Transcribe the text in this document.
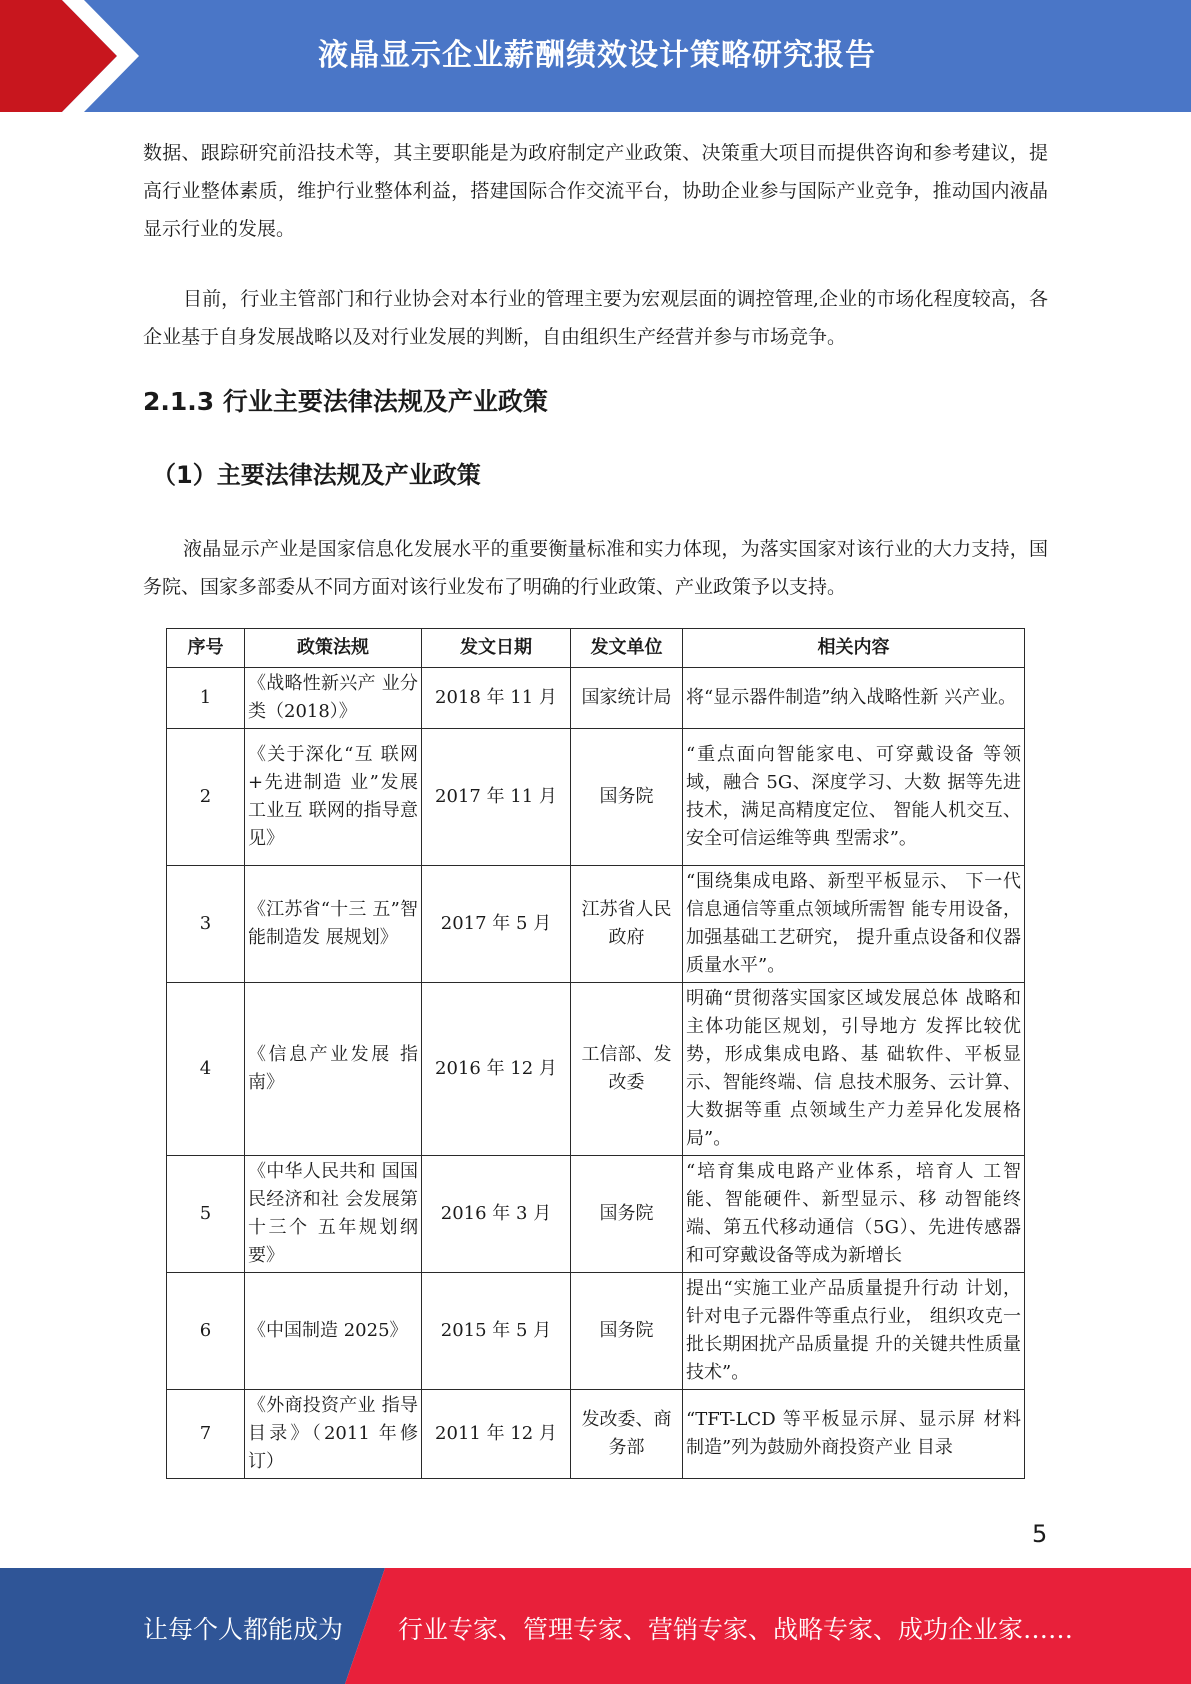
液晶显示企业薪酬绩效设计策略研究报告
数据、跟踪研究前沿技术等，其主要职能是为政府制定产业政策、决策重大项目而提供咨询和参考建议，提高行业整体素质，维护行业整体利益，搭建国际合作交流平台，协助企业参与国际产业竞争，推动国内液晶显示行业的发展。
目前，行业主管部门和行业协会对本行业的管理主要为宏观层面的调控管理,企业的市场化程度较高，各企业基于自身发展战略以及对行业发展的判断，自由组织生产经营并参与市场竞争。
2.1.3 行业主要法律法规及产业政策
（1）主要法律法规及产业政策
液晶显示产业是国家信息化发展水平的重要衡量标准和实力体现，为落实国家对该行业的大力支持，国务院、国家多部委从不同方面对该行业发布了明确的行业政策、产业政策予以支持。
序号	政策法规	发文日期	发文单位	相关内容
1	《战略性新兴产 业分类（2018）》	2018 年 11 月	国家统计局	将“显示器件制造”纳入战略性新 兴产业。
2	《关于深化“互 联网+先进制造 业”发展工业互 联网的指导意 见》	2017 年 11 月	国务院	“重点面向智能家电、可穿戴设备 等领域，融合 5G、深度学习、大数 据等先进技术，满足高精度定位、 智能人机交互、安全可信运维等典 型需求”。
3	《江苏省“十三 五”智能制造发 展规划》	2017 年 5 月	江苏省人民政府	“围绕集成电路、新型平板显示、 下一代信息通信等重点领域所需智 能专用设备，加强基础工艺研究， 提升重点设备和仪器质量水平”。
4	《信息产业发展 指南》	2016 年 12 月	工信部、发改委	明确“贯彻落实国家区域发展总体 战略和主体功能区规划，引导地方 发挥比较优势，形成集成电路、基 础软件、平板显示、智能终端、信 息技术服务、云计算、大数据等重 点领域生产力差异化发展格局”。
5	《中华人民共和 国国民经济和社 会发展第十三个 五年规划纲要》	2016 年 3 月	国务院	“培育集成电路产业体系，培育人 工智能、智能硬件、新型显示、移 动智能终端、第五代移动通信（5G）、先进传感器和可穿戴设备等成为新增长
6	《中国制造 2025》	2015 年 5 月	国务院	提出“实施工业产品质量提升行动 计划，针对电子元器件等重点行业， 组织攻克一批长期困扰产品质量提 升的关键共性质量技术”。
7	《外商投资产业 指导目录》（2011 年修订）	2011 年 12 月	发改委、商务部	“TFT-LCD 等平板显示屏、显示屏 材料制造”列为鼓励外商投资产业 目录
5
让每个人都能成为 行业专家、管理专家、营销专家、战略专家、成功企业家……
